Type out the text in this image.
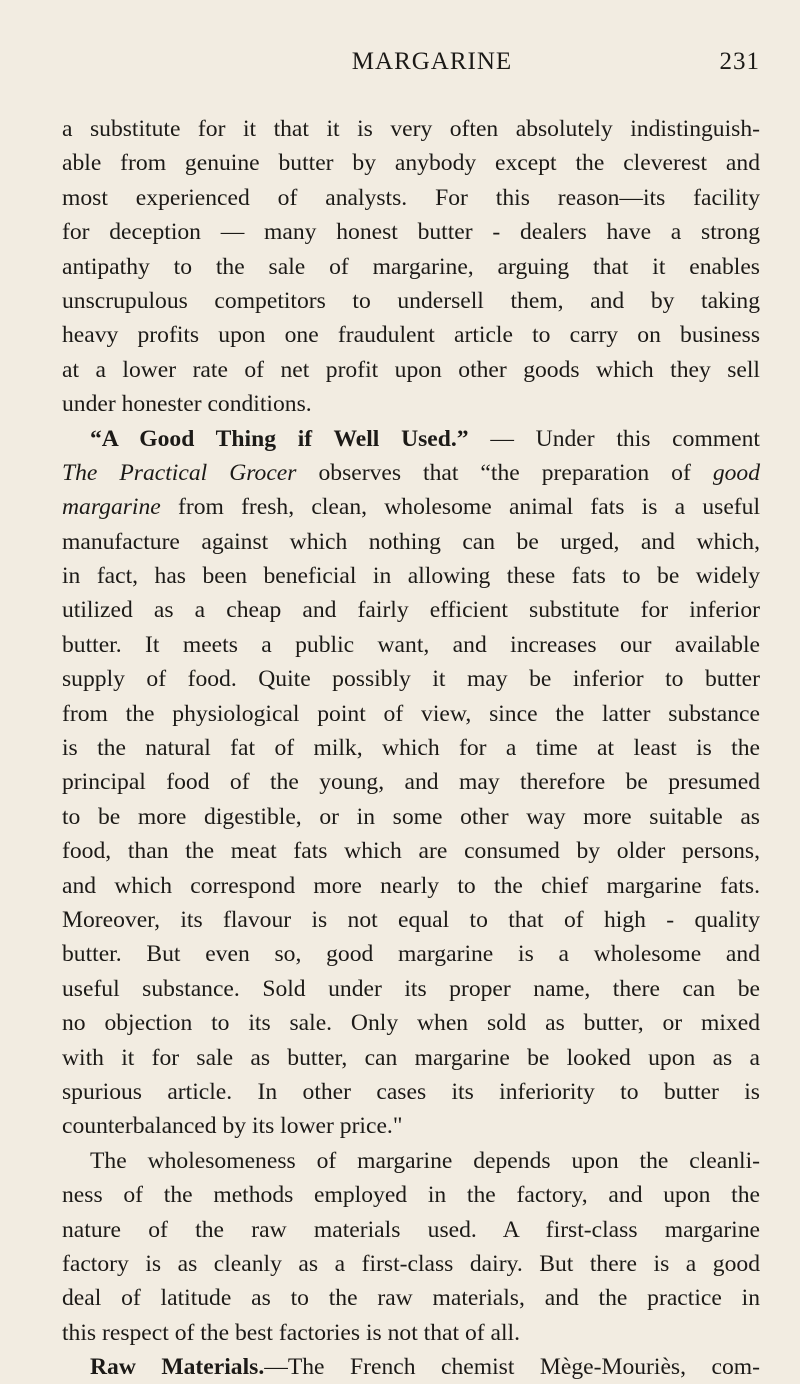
MARGARINE	231
a substitute for it that it is very often absolutely indistinguish-
able from genuine butter by anybody except the cleverest and
most experienced of analysts. For this reason—its facility
for deception — many honest butter - dealers have a strong
antipathy to the sale of margarine, arguing that it enables
unscrupulous competitors to undersell them, and by taking
heavy profits upon one fraudulent article to carry on business
at a lower rate of net profit upon other goods which they sell
under honester conditions.
“A Good Thing if Well Used.” — Under this comment
The Practical Grocer observes that “the preparation of good
margarine from fresh, clean, wholesome animal fats is a useful
manufacture against which nothing can be urged, and which,
in fact, has been beneficial in allowing these fats to be widely
utilized as a cheap and fairly efficient substitute for inferior
butter. It meets a public want, and increases our available
supply of food. Quite possibly it may be inferior to butter
from the physiological point of view, since the latter substance
is the natural fat of milk, which for a time at least is the
principal food of the young, and may therefore be presumed
to be more digestible, or in some other way more suitable as
food, than the meat fats which are consumed by older persons,
and which correspond more nearly to the chief margarine fats.
Moreover, its flavour is not equal to that of high - quality
butter. But even so, good margarine is a wholesome and
useful substance. Sold under its proper name, there can be
no objection to its sale. Only when sold as butter, or mixed
with it for sale as butter, can margarine be looked upon as a
spurious article. In other cases its inferiority to butter is
counterbalanced by its lower price."
The wholesomeness of margarine depends upon the cleanli-
ness of the methods employed in the factory, and upon the
nature of the raw materials used. A first-class margarine
factory is as cleanly as a first-class dairy. But there is a good
deal of latitude as to the raw materials, and the practice in
this respect of the best factories is not that of all.
Raw Materials.—The French chemist Mège-Mouriès, com-
